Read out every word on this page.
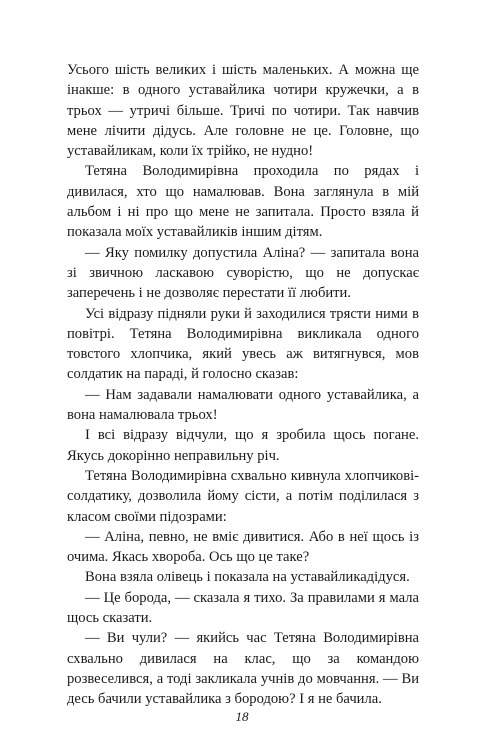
Усього шість великих і шість маленьких. А можна ще інакше: в одного уставайлика чотири кружечки, а в трьох — утричі більше. Тричі по чотири. Так навчив мене лічити дідусь. Але головне не це. Головне, що уставайликам, коли їх трійко, не нудно!

Тетяна Володимирівна проходила по рядах і дивилася, хто що намалював. Вона заглянула в мій альбом і ні про що мене не запитала. Просто взяла й показала моїх уставайликів іншим дітям.

— Яку помилку допустила Аліна? — запитала вона зі звичною ласкавою суворістю, що не допускає заперечень і не дозволяє перестати її любити.

Усі відразу підняли руки й заходилися трясти ними в повітрі. Тетяна Володимирівна викликала одного товстого хлопчика, який увесь аж витягнувся, мов солдатик на параді, й голосно сказав:

— Нам задавали намалювати одного уставайлика, а вона намалювала трьох!

І всі відразу відчули, що я зробила щось погане. Якусь докорінно неправильну річ.

Тетяна Володимирівна схвально кивнула хлопчикові-солдатику, дозволила йому сісти, а потім поділилася з класом своїми підозрами:

— Аліна, певно, не вміє дивитися. Або в неї щось із очима. Якась хвороба. Ось що це таке?

Вона взяла олівець і показала на уставайликадідуся.

— Це борода, — сказала я тихо. За правилами я мала щось сказати.

— Ви чули? — якийсь час Тетяна Володимирівна схвально дивилася на клас, що за командою розвеселився, а тоді закликала учнів до мовчання. — Ви десь бачили уставайлика з бородою? І я не бачила.

18
